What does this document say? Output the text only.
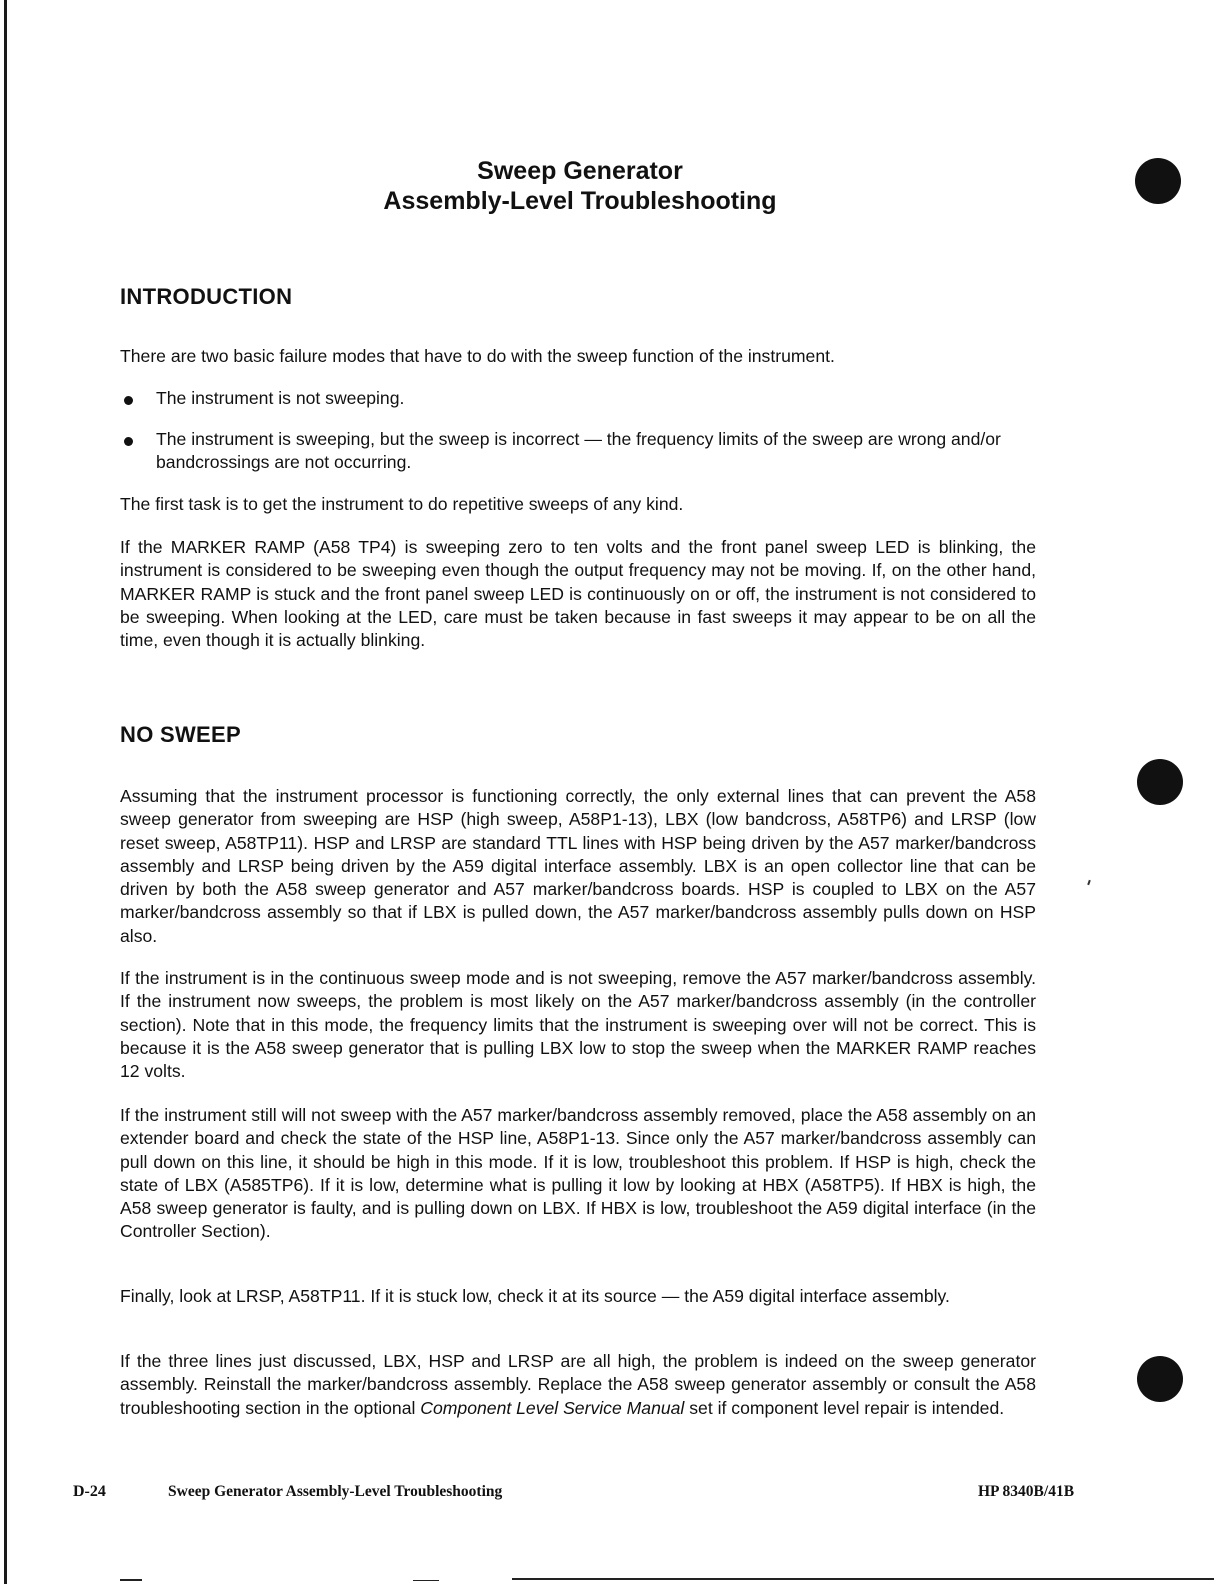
Sweep Generator
Assembly-Level Troubleshooting
INTRODUCTION

There are two basic failure modes that have to do with the sweep function of the instrument.

The instrument is not sweeping.
The instrument is sweeping, but the sweep is incorrect — the frequency limits of the sweep are wrong and/or bandcrossings are not occurring.

The first task is to get the instrument to do repetitive sweeps of any kind.

If the MARKER RAMP (A58 TP4) is sweeping zero to ten volts and the front panel sweep LED is blinking, the instrument is considered to be sweeping even though the output frequency may not be moving. If, on the other hand, MARKER RAMP is stuck and the front panel sweep LED is continuously on or off, the instrument is not considered to be sweeping. When looking at the LED, care must be taken because in fast sweeps it may appear to be on all the time, even though it is actually blinking.

NO SWEEP

Assuming that the instrument processor is functioning correctly, the only external lines that can prevent the A58 sweep generator from sweeping are HSP (high sweep, A58P1-13), LBX (low bandcross, A58TP6) and LRSP (low reset sweep, A58TP11). HSP and LRSP are standard TTL lines with HSP being driven by the A57 marker/bandcross assembly and LRSP being driven by the A59 digital interface assembly. LBX is an open collector line that can be driven by both the A58 sweep generator and A57 marker/bandcross boards. HSP is coupled to LBX on the A57 marker/bandcross assembly so that if LBX is pulled down, the A57 marker/bandcross assembly pulls down on HSP also.

If the instrument is in the continuous sweep mode and is not sweeping, remove the A57 marker/bandcross assembly. If the instrument now sweeps, the problem is most likely on the A57 marker/bandcross assembly (in the controller section). Note that in this mode, the frequency limits that the instrument is sweeping over will not be correct. This is because it is the A58 sweep generator that is pulling LBX low to stop the sweep when the MARKER RAMP reaches 12 volts.

If the instrument still will not sweep with the A57 marker/bandcross assembly removed, place the A58 assembly on an extender board and check the state of the HSP line, A58P1-13. Since only the A57 marker/bandcross assembly can pull down on this line, it should be high in this mode. If it is low, troubleshoot this problem. If HSP is high, check the state of LBX (A585TP6). If it is low, determine what is pulling it low by looking at HBX (A58TP5). If HBX is high, the A58 sweep generator is faulty, and is pulling down on LBX. If HBX is low, troubleshoot the A59 digital interface (in the Controller Section).

Finally, look at LRSP, A58TP11. If it is stuck low, check it at its source — the A59 digital interface assembly.

If the three lines just discussed, LBX, HSP and LRSP are all high, the problem is indeed on the sweep generator assembly. Reinstall the marker/bandcross assembly. Replace the A58 sweep generator assembly or consult the A58 troubleshooting section in the optional Component Level Service Manual set if component level repair is intended.

D-24	Sweep Generator Assembly-Level Troubleshooting	HP 8340B/41B
